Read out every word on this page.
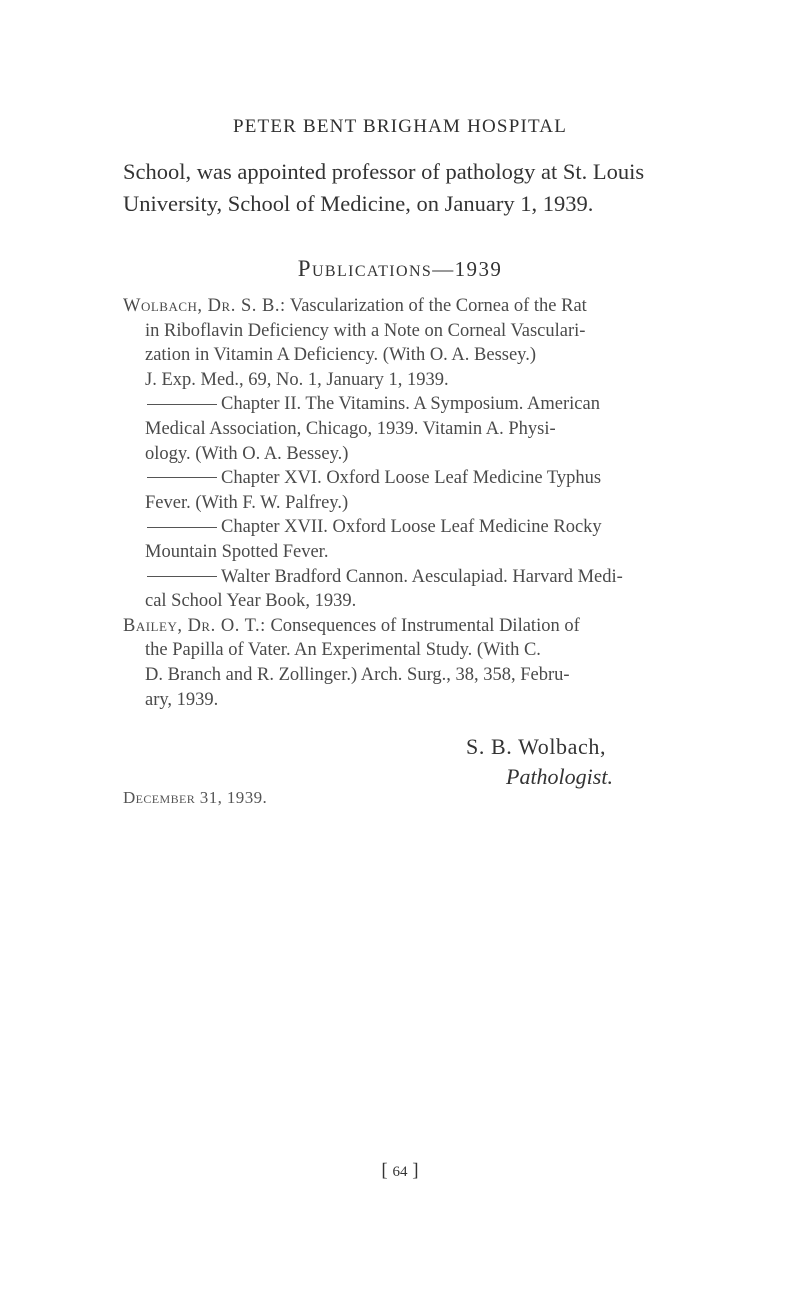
PETER BENT BRIGHAM HOSPITAL

School, was appointed professor of pathology at St. Louis

University, School of Medicine, on January 1, 1939.

PUBLICATIONS—1939
Wolbach, Dr. S. B.: Vascularization of the Cornea of the Rat
in Riboflavin Deficiency with a Note on Corneal Vasculari-
zation in Vitamin A Deficiency. (With O. A. Bessey.)
J. Exp. Med., 69, No. 1, January 1, 1939.
Chapter II. The Vitamins. A Symposium. American
Medical Association, Chicago, 1939. Vitamin A. Physi-
ology. (With O. A. Bessey.)
Chapter XVI. Oxford Loose Leaf Medicine Typhus
Fever. (With F. W. Palfrey.)
Chapter XVII. Oxford Loose Leaf Medicine Rocky
Mountain Spotted Fever.
Walter Bradford Cannon. Aesculapiad. Harvard Medi-
cal School Year Book, 1939.
Bailey, Dr. O. T.: Consequences of Instrumental Dilation of
the Papilla of Vater. An Experimental Study. (With C.
D. Branch and R. Zollinger.) Arch. Surg., 38, 358, Febru-
ary, 1939.
S. B. Wolbach,
Pathologist.
December 31, 1939.
[ 64 ]
